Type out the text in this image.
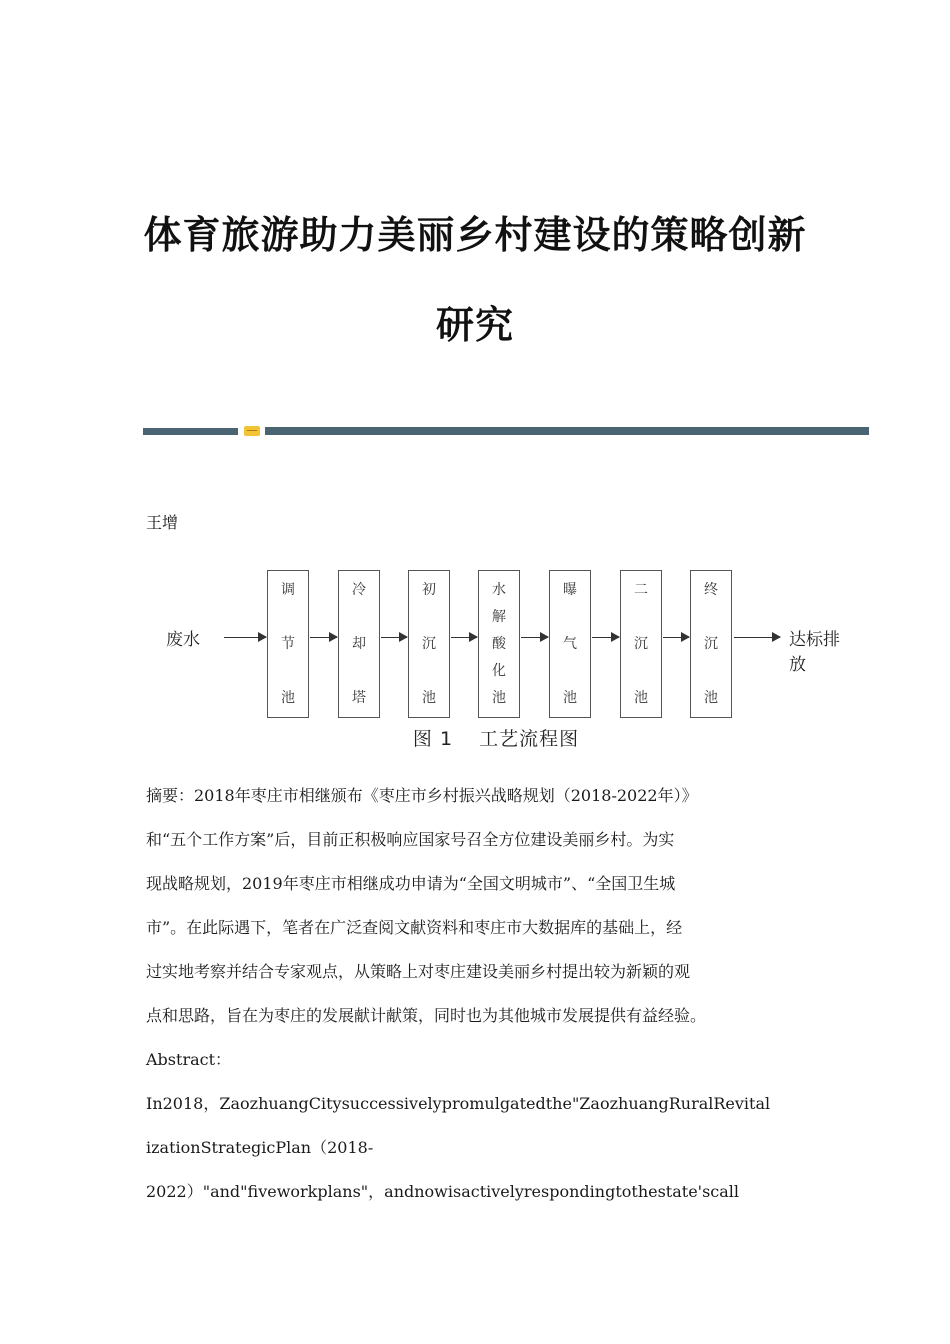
体育旅游助力美丽乡村建设的策略创新
研究
王增
废水
调
节
池
冷
却
塔
初
沉
池
水
解
酸
化
池
曝
气
池
二
沉
池
终
沉
池
达标排放
图 1 工艺流程图
摘要：2018年枣庄市相继颁布《枣庄市乡村振兴战略规划（2018-2022年）》
和“五个工作方案”后，目前正积极响应国家号召全方位建设美丽乡村。为实
现战略规划，2019年枣庄市相继成功申请为“全国文明城市”、“全国卫生城
市”。在此际遇下，笔者在广泛查阅文献资料和枣庄市大数据库的基础上，经
过实地考察并结合专家观点，从策略上对枣庄建设美丽乡村提出较为新颖的观
点和思路，旨在为枣庄的发展献计献策，同时也为其他城市发展提供有益经验。
Abstract：
In2018，ZaozhuangCitysuccessivelypromulgatedthe"ZaozhuangRuralRevital
izationStrategicPlan（2018-
2022）"and"fiveworkplans"，andnowisactivelyrespondingtothestate'scall
